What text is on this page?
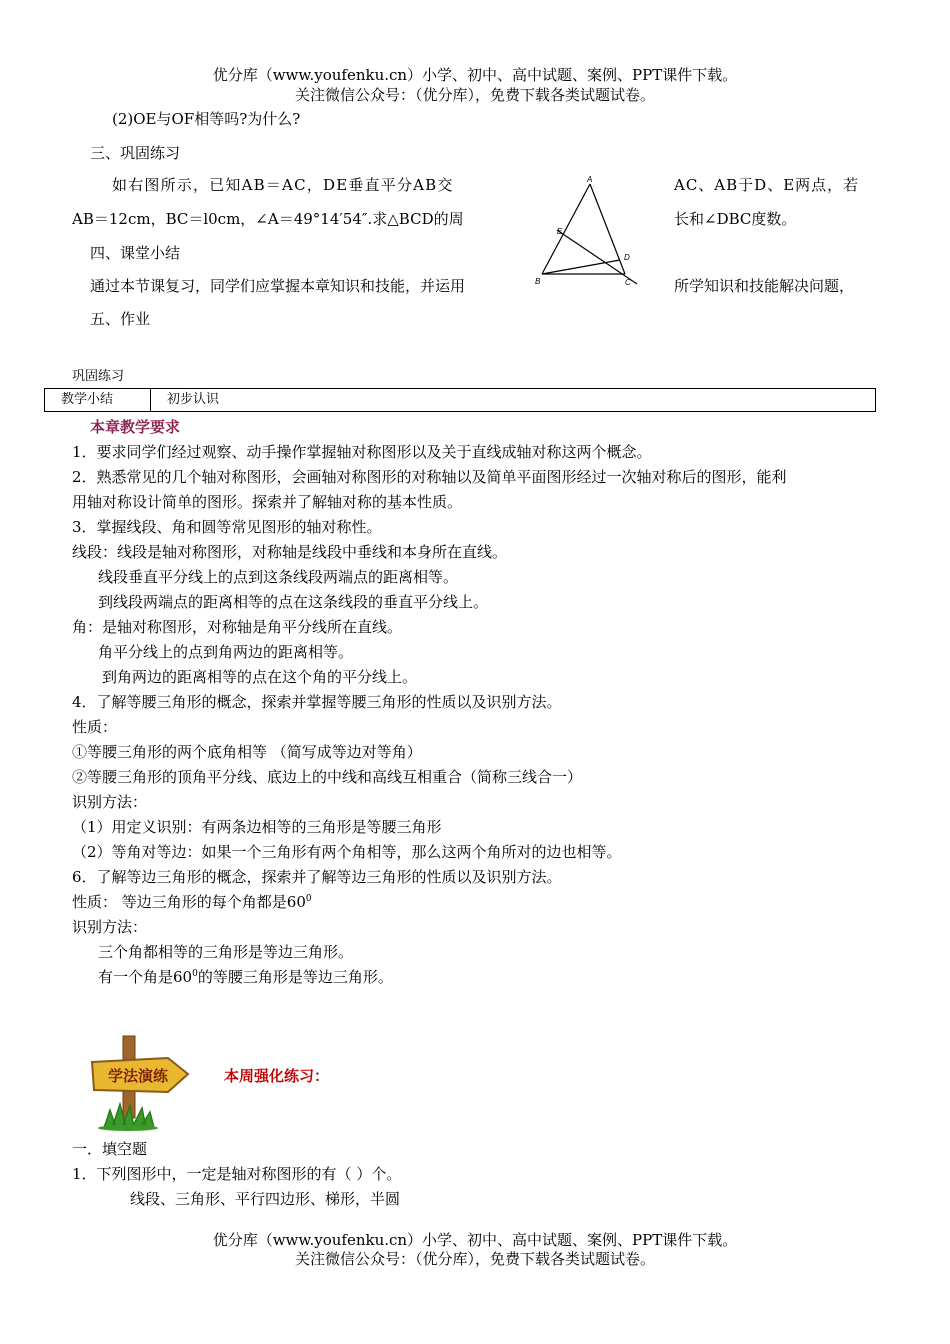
优分库（www.youfenku.cn）小学、初中、高中试题、案例、PPT课件下载。
关注微信公众号：（优分库），免费下载各类试题试卷。
(2)OE与OF相等吗?为什么?
三、巩固练习
如右图所示，已知AB＝AC，DE垂直平分AB交	AC、AB于D、E两点，若
AB＝12cm，BC＝l0cm，∠A＝49°14′54″.求△BCD的周	长和∠DBC度数。
四、课堂小结
通过本节课复习，同学们应掌握本章知识和技能，并运用	所学知识和技能解决问题，
五、作业
A
B	C
D
E
巩固练习
教学小结	初步认识
本章教学要求
1．要求同学们经过观察、动手操作掌握轴对称图形以及关于直线成轴对称这两个概念。
2．熟悉常见的几个轴对称图形，会画轴对称图形的对称轴以及简单平面图形经过一次轴对称后的图形，能利
用轴对称设计简单的图形。探索并了解轴对称的基本性质。
3．掌握线段、角和圆等常见图形的轴对称性。
线段：线段是轴对称图形，对称轴是线段中垂线和本身所在直线。
线段垂直平分线上的点到这条线段两端点的距离相等。
到线段两端点的距离相等的点在这条线段的垂直平分线上。
角：是轴对称图形，对称轴是角平分线所在直线。
角平分线上的点到角两边的距离相等。
到角两边的距离相等的点在这个角的平分线上。
4．了解等腰三角形的概念，探索并掌握等腰三角形的性质以及识别方法。
性质：
①等腰三角形的两个底角相等 （简写成等边对等角）
②等腰三角形的顶角平分线、底边上的中线和高线互相重合（简称三线合一）
识别方法：
（1）用定义识别：有两条边相等的三角形是等腰三角形
（2）等角对等边：如果一个三角形有两个角相等，那么这两个角所对的边也相等。
6．了解等边三角形的概念，探索并了解等边三角形的性质以及识别方法。
性质： 等边三角形的每个角都是$60^0$
识别方法：
三个角都相等的三角形是等边三角形。
有一个角是$60^0$的等腰三角形是等边三角形。
学法演练	本周强化练习：
一．填空题
1．下列图形中，一定是轴对称图形的有（ ）个。
线段、三角形、平行四边形、梯形，半圆
优分库（www.youfenku.cn）小学、初中、高中试题、案例、PPT课件下载。
关注微信公众号：（优分库），免费下载各类试题试卷。
